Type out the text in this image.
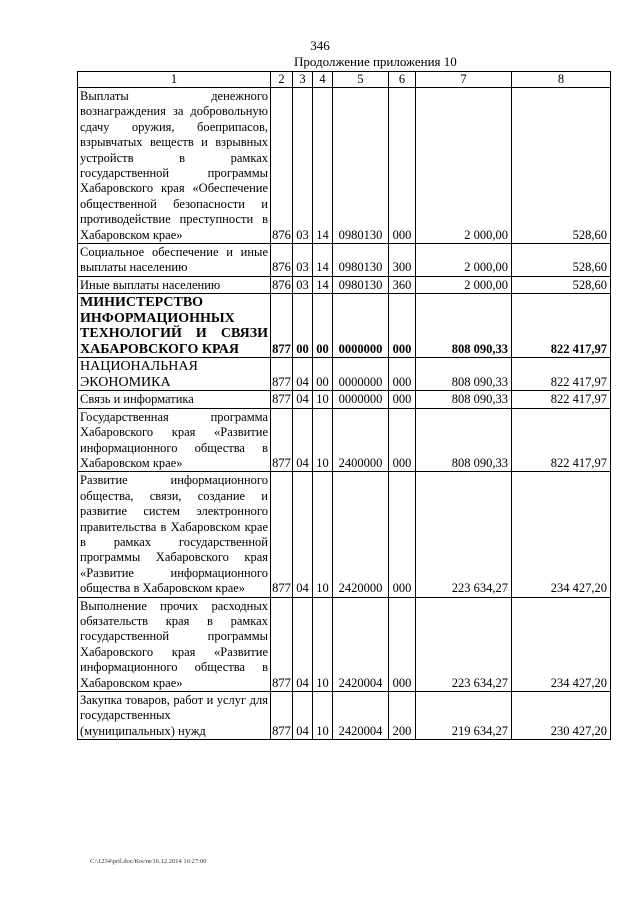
346
Продолжение приложения 10
1	2	3	4	5	6	7	8
Выплаты денежного вознаграждения за добровольную сдачу оружия, боеприпасов, взрывчатых веществ и взрывных устройств в рамках государственной программы Хабаровского края «Обеспечение общественной безопасности и противодействие преступности в Хабаровском крае»	876	03	14	0980130	000	2 000,00	528,60
Социальное обеспечение и иные выплаты населению	876	03	14	0980130	300	2 000,00	528,60
Иные выплаты населению	876	03	14	0980130	360	2 000,00	528,60
МИНИСТЕРСТВО ИНФОРМАЦИОННЫХ ТЕХНОЛОГИЙ И СВЯЗИ ХАБАРОВСКОГО КРАЯ	877	00	00	0000000	000	808 090,33	822 417,97
НАЦИОНАЛЬНАЯ ЭКОНОМИКА	877	04	00	0000000	000	808 090,33	822 417,97
Связь и информатика	877	04	10	0000000	000	808 090,33	822 417,97
Государственная программа Хабаровского края «Развитие информационного общества в Хабаровском крае»	877	04	10	2400000	000	808 090,33	822 417,97
Развитие информационного общества, связи, создание и развитие систем электронного правительства в Хабаровском крае в рамках государственной программы Хабаровского края «Развитие информационного общества в Хабаровском крае»	877	04	10	2420000	000	223 634,27	234 427,20
Выполнение прочих расходных обязательств края в рамках государственной программы Хабаровского края «Развитие информационного общества в Хабаровском крае»	877	04	10	2420004	000	223 634,27	234 427,20
Закупка товаров, работ и услуг для государственных (муниципальных) нужд	877	04	10	2420004	200	219 634,27	230 427,20
C:\1234\pril.doc/Костя/16.12.2014 16:27:00
